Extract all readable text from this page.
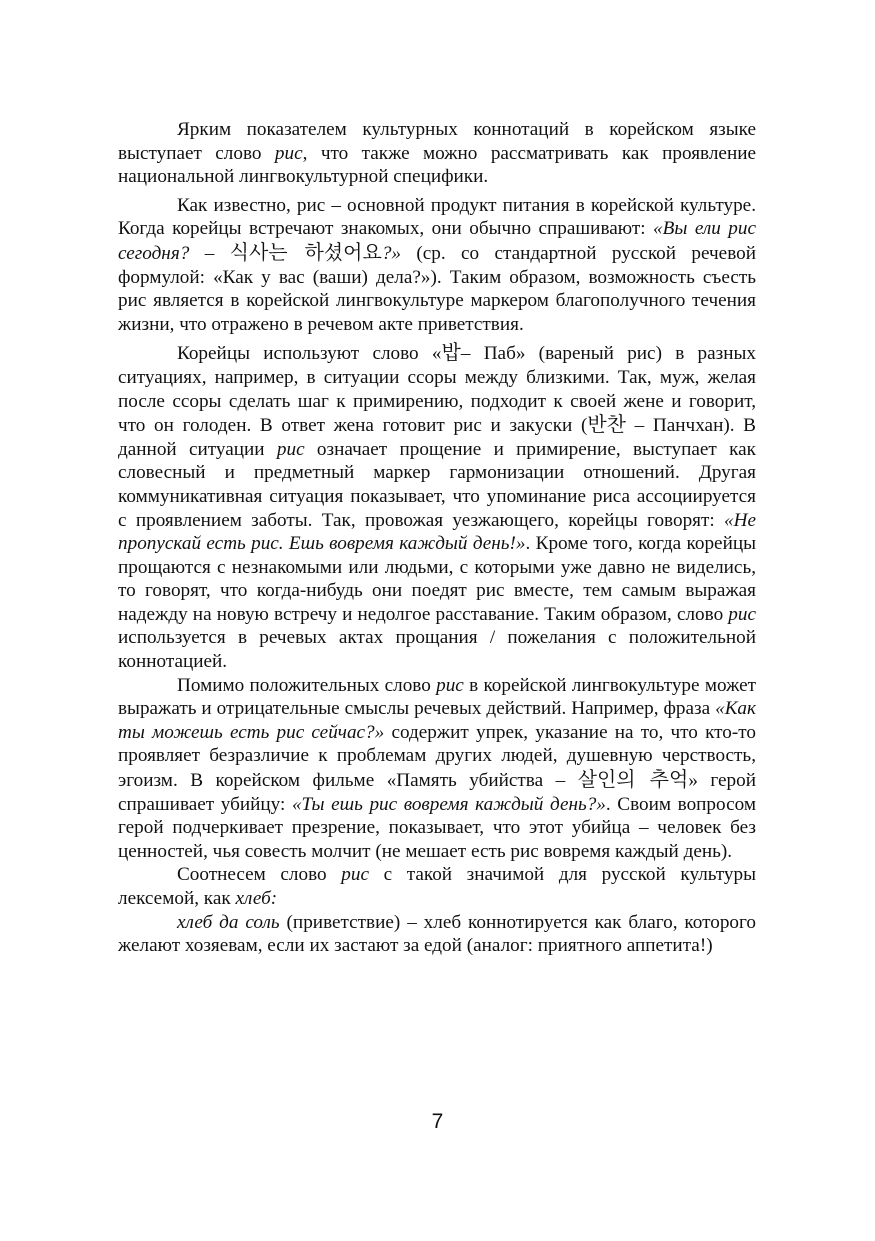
Ярким показателем культурных коннотаций в корейском языке выступает слово рис, что также можно рассматривать как проявление национальной лингвокультурной специфики.

Как известно, рис – основной продукт питания в корейской культуре. Когда корейцы встречают знакомых, они обычно спрашивают: «Вы ели рис сегодня? – 식사는 하셨어요?» (ср. со стандартной русской речевой формулой: «Как у вас (ваши) дела?»). Таким образом, возможность съесть рис является в корейской лингвокультуре маркером благополучного течения жизни, что отражено в речевом акте приветствия.

Корейцы используют слово «밥– Паб» (вареный рис) в разных ситуациях, например, в ситуации ссоры между близкими. Так, муж, желая после ссоры сделать шаг к примирению, подходит к своей жене и говорит, что он голоден. В ответ жена готовит рис и закуски (반찬 – Панчхан). В данной ситуации рис означает прощение и примирение, выступает как словесный и предметный маркер гармонизации отношений. Другая коммуникативная ситуация показывает, что упоминание риса ассоциируется с проявлением заботы. Так, провожая уезжающего, корейцы говорят: «Не пропускай есть рис. Ешь вовремя каждый день!». Кроме того, когда корейцы прощаются с незнакомыми или людьми, с которыми уже давно не виделись, то говорят, что когда-нибудь они поедят рис вместе, тем самым выражая надежду на новую встречу и недолгое расставание. Таким образом, слово рис используется в речевых актах прощания / пожелания с положительной коннотацией.

Помимо положительных слово рис в корейской лингвокультуре может выражать и отрицательные смыслы речевых действий. Например, фраза «Как ты можешь есть рис сейчас?» содержит упрек, указание на то, что кто-то проявляет безразличие к проблемам других людей, душевную черствость, эгоизм. В корейском фильме «Память убийства – 살인의 추억» герой спрашивает убийцу: «Ты ешь рис вовремя каждый день?». Своим вопросом герой подчеркивает презрение, показывает, что этот убийца – человек без ценностей, чья совесть молчит (не мешает есть рис вовремя каждый день).

Соотнесем слово рис с такой значимой для русской культуры лексемой, как хлеб:

хлеб да соль (приветствие) – хлеб коннотируется как благо, которого желают хозяевам, если их застают за едой (аналог: приятного аппетита!)

7
